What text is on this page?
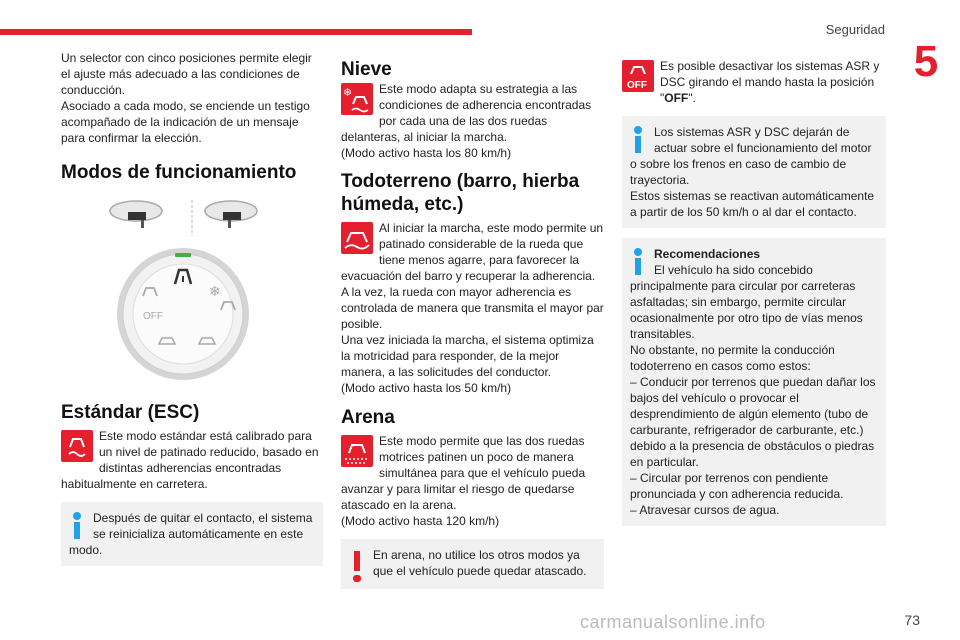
Seguridad
5

Un selector con cinco posiciones permite elegir el ajuste más adecuado a las condiciones de conducción.

Asociado a cada modo, se enciende un testigo acompañado de la indicación de un mensaje para confirmar la elección.

Modos de funcionamiento
OFF
❄
Estándar (ESC)
Este modo estándar está calibrado para un nivel de patinado reducido, basado en distintas adherencias encontradas habitualmente en carretera.
Después de quitar el contacto, el sistema se reinicializa automáticamente en este modo.
Nieve
❄ Este modo adapta su estrategia a las condiciones de adherencia encontradas por cada una de las dos ruedas delanteras, al iniciar la marcha.

(Modo activo hasta los 80 km/h)

Todoterreno (barro, hierba húmeda, etc.)
Al iniciar la marcha, este modo permite un patinado considerable de la rueda que tiene menos agarre, para favorecer la evacuación del barro y recuperar la adherencia.

A la vez, la rueda con mayor adherencia es controlada de manera que transmita el mayor par posible.

Una vez iniciada la marcha, el sistema optimiza la motricidad para responder, de la mejor manera, a las solicitudes del conductor.

(Modo activo hasta los 50 km/h)

Arena
Este modo permite que las dos ruedas motrices patinen un poco de manera simultánea para que el vehículo pueda avanzar y para limitar el riesgo de quedarse atascado en la arena.

(Modo activo hasta 120 km/h)

En arena, no utilice los otros modos ya que el vehículo puede quedar atascado.
OFF
Es posible desactivar los sistemas ASR y DSC girando el mando hasta la posición "OFF".
Los sistemas ASR y DSC dejarán de actuar sobre el funcionamiento del motor o sobre los frenos en caso de cambio de trayectoria.
Estos sistemas se reactivan automáticamente a partir de los 50 km/h o al dar el contacto.
Recomendaciones
El vehículo ha sido concebido principalmente para circular por carreteras asfaltadas; sin embargo, permite circular ocasionalmente por otro tipo de vías menos transitables.
No obstante, no permite la conducción todoterreno en casos como estos:
– Conducir por terrenos que puedan dañar los bajos del vehículo o provocar el desprendimiento de algún elemento (tubo de carburante, refrigerador de carburante, etc.) debido a la presencia de obstáculos o piedras en particular.
– Circular por terrenos con pendiente pronunciada y con adherencia reducida.
– Atravesar cursos de agua.
carmanualsonline.info	73
